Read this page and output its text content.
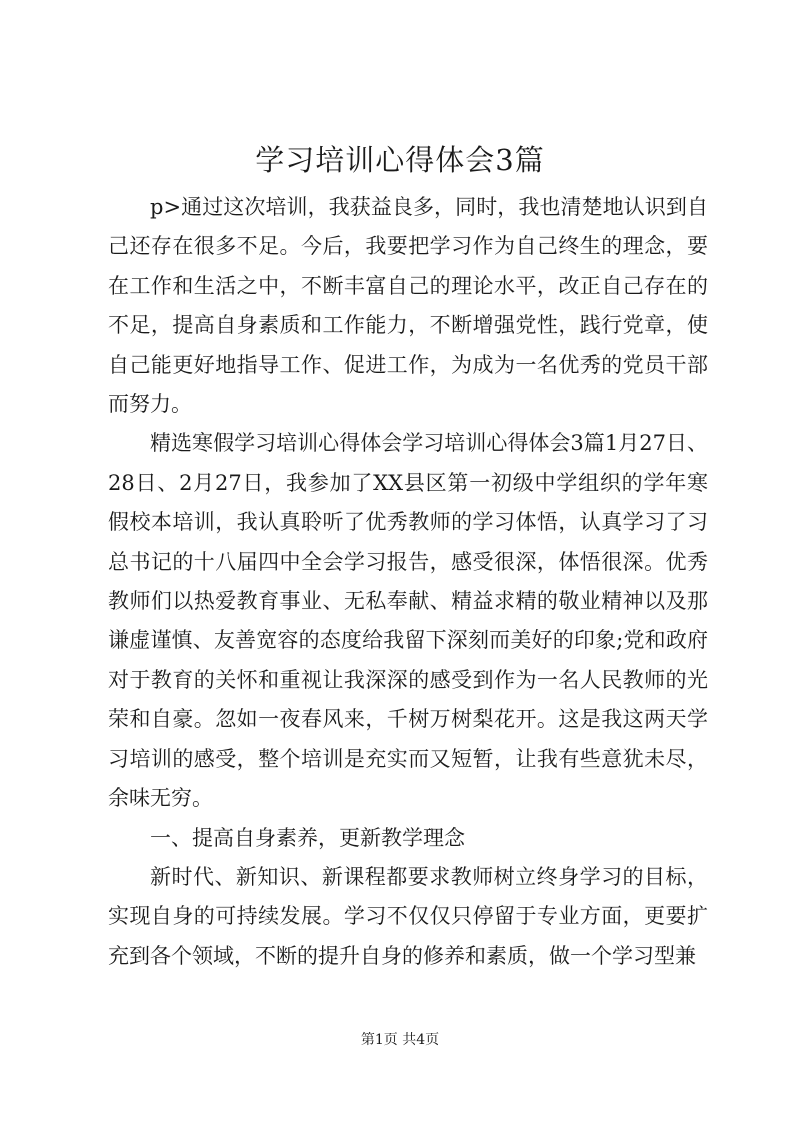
学习培训心得体会3篇

p>通过这次培训，我获益良多，同时，我也清楚地认识到自己还存在很多不足。今后，我要把学习作为自己终生的理念，要在工作和生活之中，不断丰富自己的理论水平，改正自己存在的不足，提高自身素质和工作能力，不断增强党性，践行党章，使自己能更好地指导工作、促进工作，为成为一名优秀的党员干部而努力。

精选寒假学习培训心得体会学习培训心得体会3篇1月27日、28日、2月27日，我参加了XX县区第一初级中学组织的学年寒假校本培训，我认真聆听了优秀教师的学习体悟，认真学习了习总书记的十八届四中全会学习报告，感受很深，体悟很深。优秀教师们以热爱教育事业、无私奉献、精益求精的敬业精神以及那谦虚谨慎、友善宽容的态度给我留下深刻而美好的印象;党和政府对于教育的关怀和重视让我深深的感受到作为一名人民教师的光荣和自豪。忽如一夜春风来，千树万树梨花开。这是我这两天学习培训的感受，整个培训是充实而又短暂，让我有些意犹未尽，余味无穷。

一、提高自身素养，更新教学理念

新时代、新知识、新课程都要求教师树立终身学习的目标，实现自身的可持续发展。学习不仅仅只停留于专业方面，更要扩充到各个领域，不断的提升自身的修养和素质，做一个学习型兼

第1页 共4页
